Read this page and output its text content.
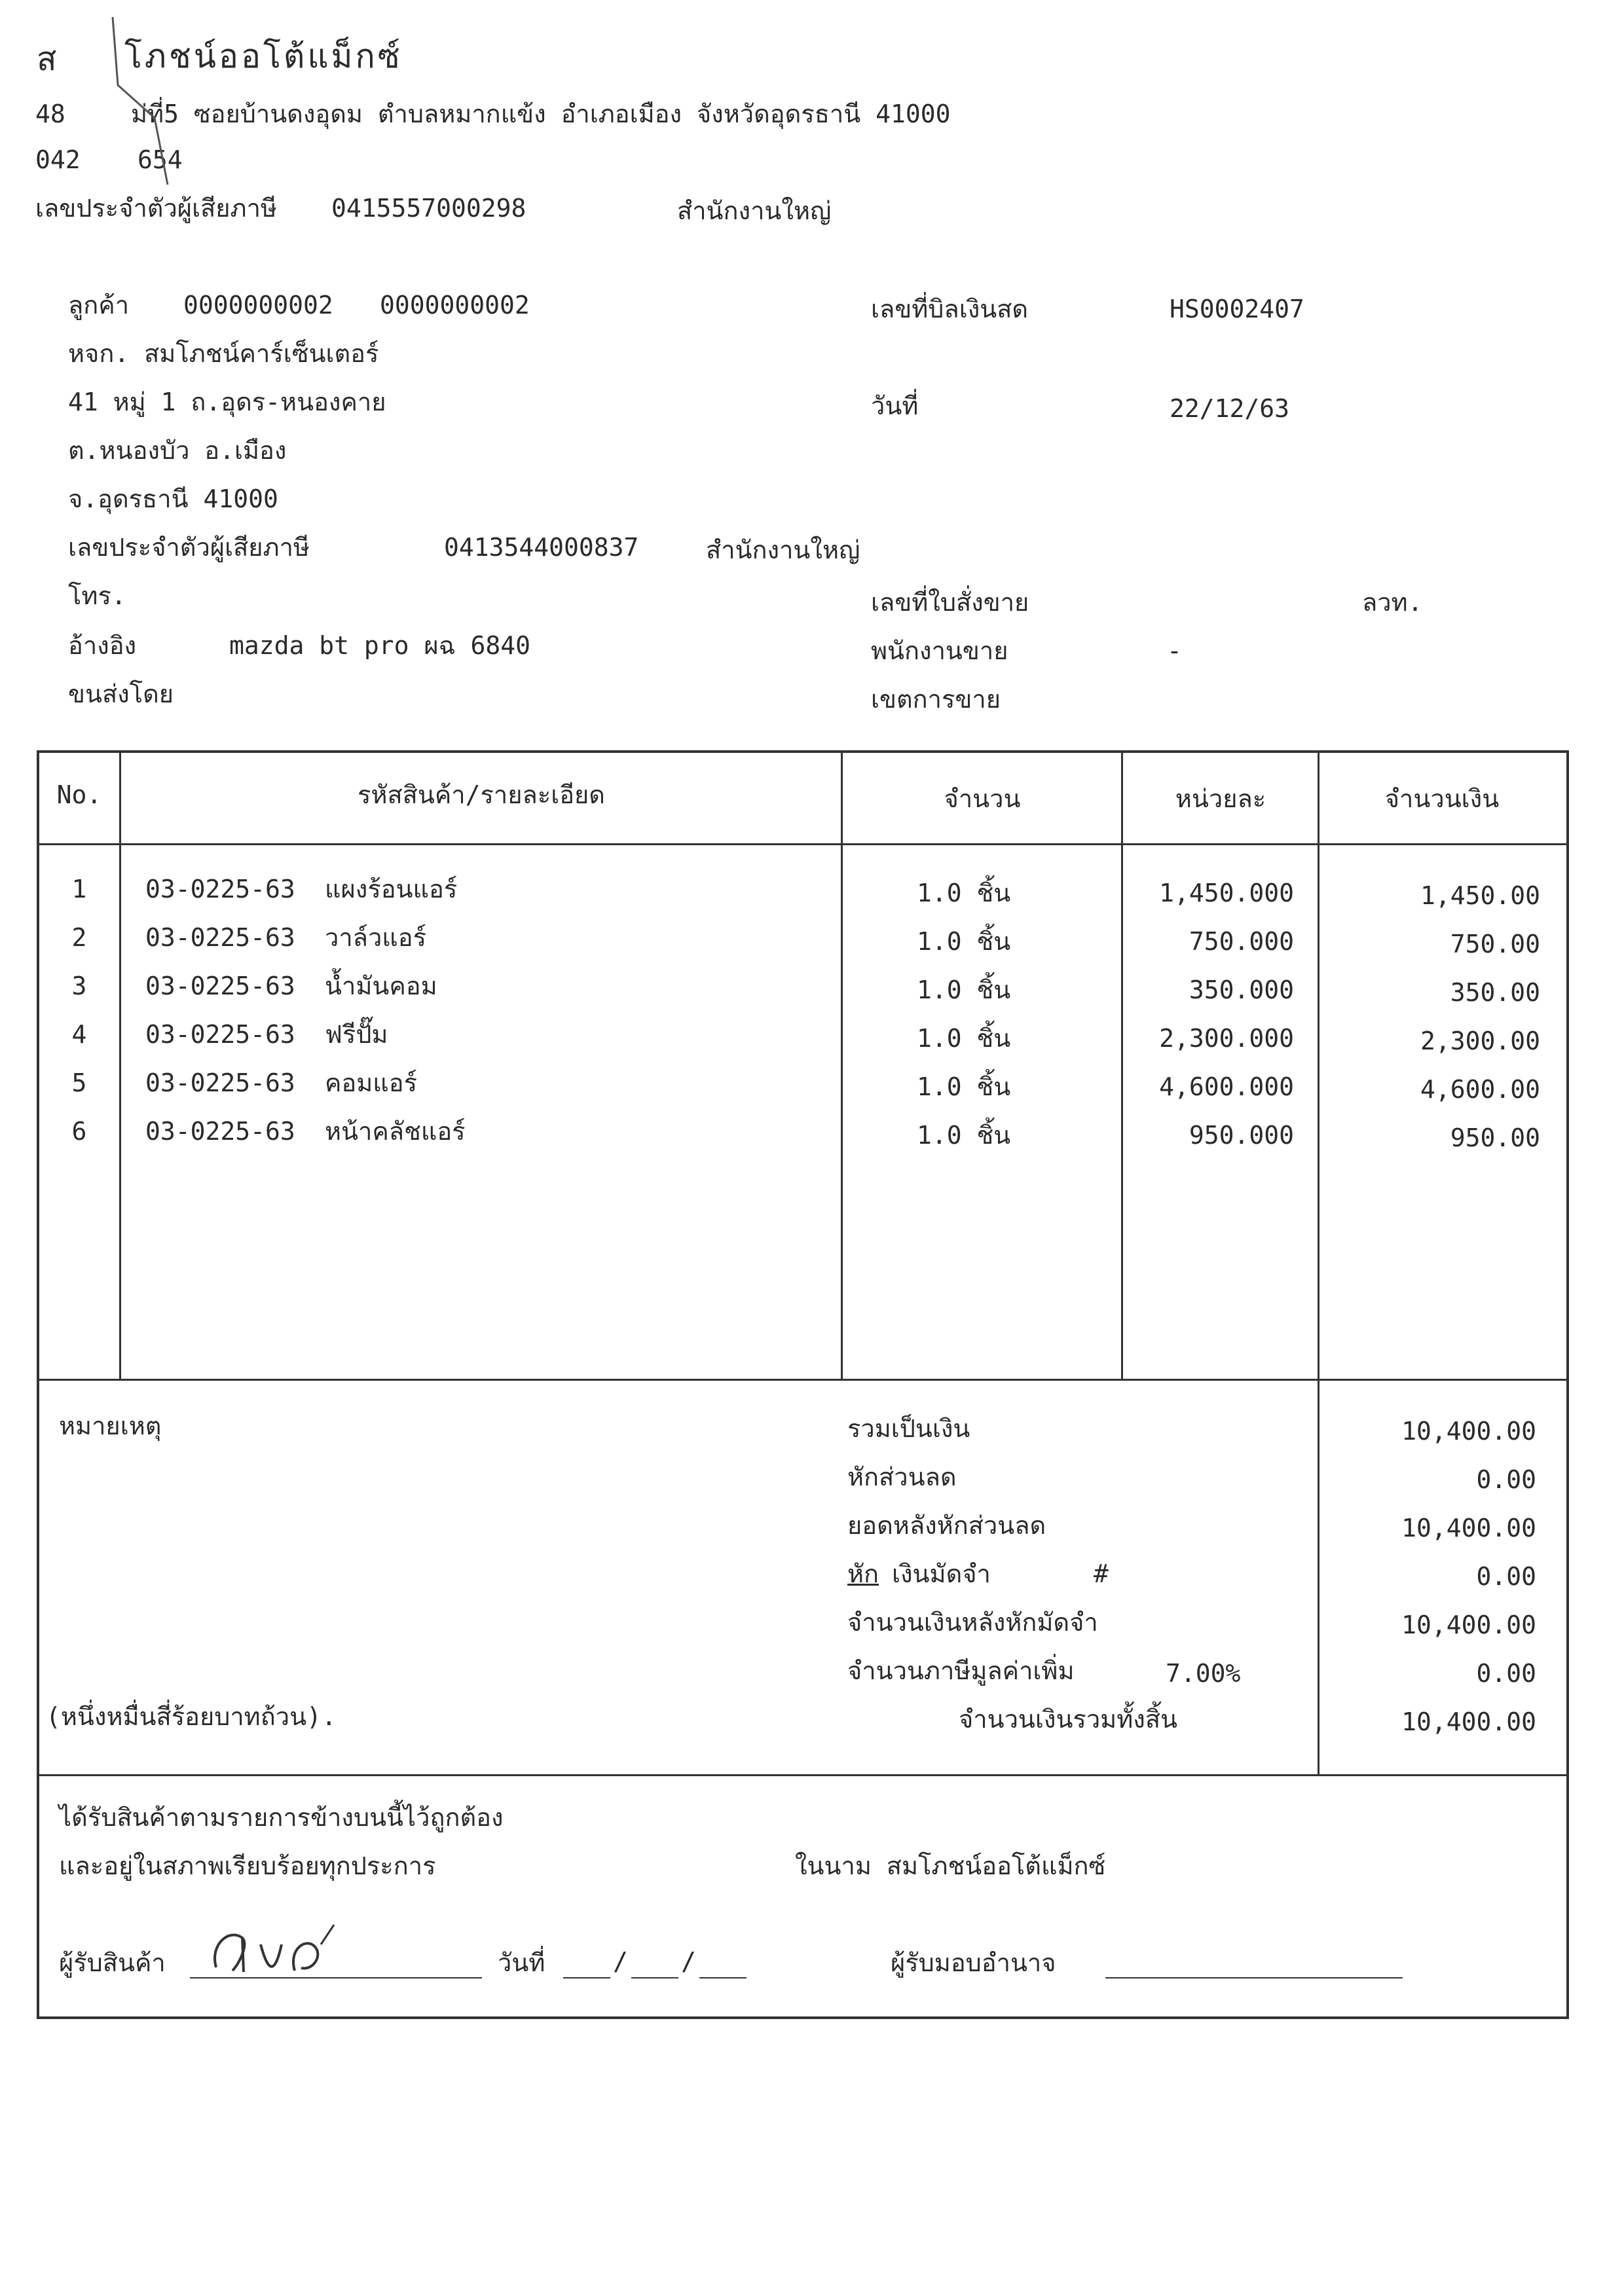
ส โภชน์ออโต้แม็กซ์
48	ม่ที่5 ซอยบ้านดงอุดม ตำบลหมากแข้ง อำเภอเมือง จังหวัดอุดรธานี 41000
042 654
เลขประจำตัวผู้เสียภาษี 0415557000298	สำนักงานใหญ่
ลูกค้า 0000000002 0000000002
หจก. สมโภชน์คาร์เซ็นเตอร์
41 หมู่ 1 ถ.อุดร-หนองคาย
ต.หนองบัว อ.เมือง
จ.อุดรธานี 41000
เลขประจำตัวผู้เสียภาษี	0413544000837	สำนักงานใหญ่
โทร.
อ้างอิง	mazda bt pro ผฉ 6840
ขนส่งโดย
เลขที่บิลเงินสด	HS0002407
วันที่	22/12/63
เลขที่ใบสั่งขาย	ลวท.
พนักงานขาย	-
เขตการขาย
No.	รหัสสินค้า/รายละเอียด	จำนวน	หน่วยละ	จำนวนเงิน
1	03-0225-63 แผงร้อนแอร์	1.0 ชิ้น	1,450.000	1,450.00
2	03-0225-63 วาล์วแอร์	1.0 ชิ้น	750.000	750.00
3	03-0225-63 น้ำมันคอม	1.0 ชิ้น	350.000	350.00
4	03-0225-63 ฟรีปั๊ม	1.0 ชิ้น	2,300.000	2,300.00
5	03-0225-63 คอมแอร์	1.0 ชิ้น	4,600.000	4,600.00
6	03-0225-63 หน้าคลัชแอร์	1.0 ชิ้น	950.000	950.00
หมายเหตุ
(หนึ่งหมื่นสี่ร้อยบาทถ้วน).
รวมเป็นเงิน	10,400.00
หักส่วนลด	0.00
ยอดหลังหักส่วนลด	10,400.00
หัก เงินมัดจำ	#	0.00
จำนวนเงินหลังหักมัดจำ	10,400.00
จำนวนภาษีมูลค่าเพิ่ม	7.00%	0.00
จำนวนเงินรวมทั้งสิ้น	10,400.00
ได้รับสินค้าตามรายการข้างบนนี้ไว้ถูกต้อง
และอยู่ในสภาพเรียบร้อยทุกประการ	ในนาม สมโภชน์ออโต้แม็กซ์
ผู้รับสินค้า	วันที่	/ /	ผู้รับมอบอำนาจ
